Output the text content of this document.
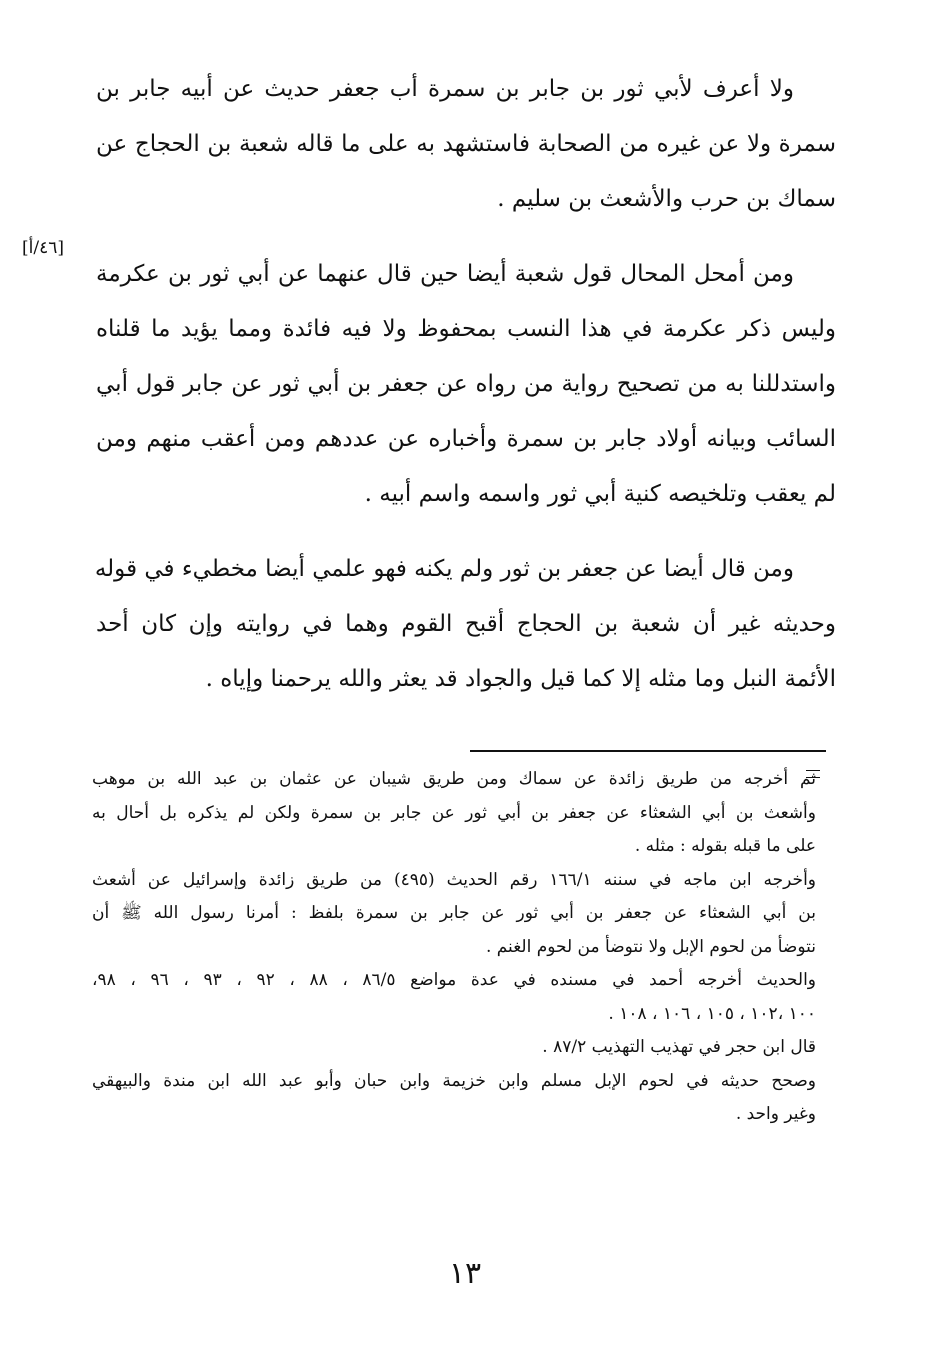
ولا أعرف لأبي ثور بن جابر بن سمرة أب جعفر حديث عن أبيه جابر بن
سمرة ولا عن غيره من الصحابة فاستشهد به على ما قاله شعبة بن الحجاج عن
سماك بن حرب والأشعث بن سليم .
ومن أمحل المحال قول شعبة أيضا حين قال عنهما عن أبي ثور بن عكرمة
وليس ذكر عكرمة في هذا النسب بمحفوظ ولا فيه فائدة ومما يؤيد ما قلناه
واستدللنا به من تصحيح رواية من رواه عن جعفر بن أبي ثور عن جابر قول أبي
السائب وبيانه أولاد جابر بن سمرة وأخباره عن عددهم ومن أعقب منهم ومن
لم يعقب وتلخيصه كنية أبي ثور واسمه واسم أبيه .
ومن قال أيضا عن جعفر بن ثور ولم يكنه فهو علمي أيضا مخطيء في قوله
وحديثه غير أن شعبة بن الحجاج أقبح القوم وهما في روايته وإن كان أحد
الأئمة النبل وما مثله إلا كما قيل والجواد قد يعثر والله يرحمنا وإياه .
[٤٦/أ]
ثم أخرجه من طريق زائدة عن سماك ومن طريق شيبان عن عثمان بن عبد الله بن موهب
وأشعث بن أبي الشعثاء عن جعفر بن أبي ثور عن جابر بن سمرة ولكن لم يذكره بل أحال به
على ما قبله بقوله : مثله .
وأخرجه ابن ماجه في سننه ١٦٦/١ رقم الحديث (٤٩٥) من طريق زائدة وإسرائيل عن أشعث
بن أبي الشعثاء عن جعفر بن أبي ثور عن جابر بن سمرة بلفظ : أمرنا رسول الله ﷺ أن
نتوضأ من لحوم الإبل ولا نتوضأ من لحوم الغنم .
والحديث أخرجه أحمد في مسنده في عدة مواضع ٨٦/٥ ، ٨٨ ، ٩٢ ، ٩٣ ، ٩٦ ، ٩٨،
١٠٠ ،١٠٢ ، ١٠٥ ، ١٠٦ ، ١٠٨ .
قال ابن حجر في تهذيب التهذيب ٨٧/٢ .
وصحح حديثه في لحوم الإبل مسلم وابن خزيمة وابن حبان وأبو عبد الله ابن مندة والبيهقي
وغير واحد .
١٣
